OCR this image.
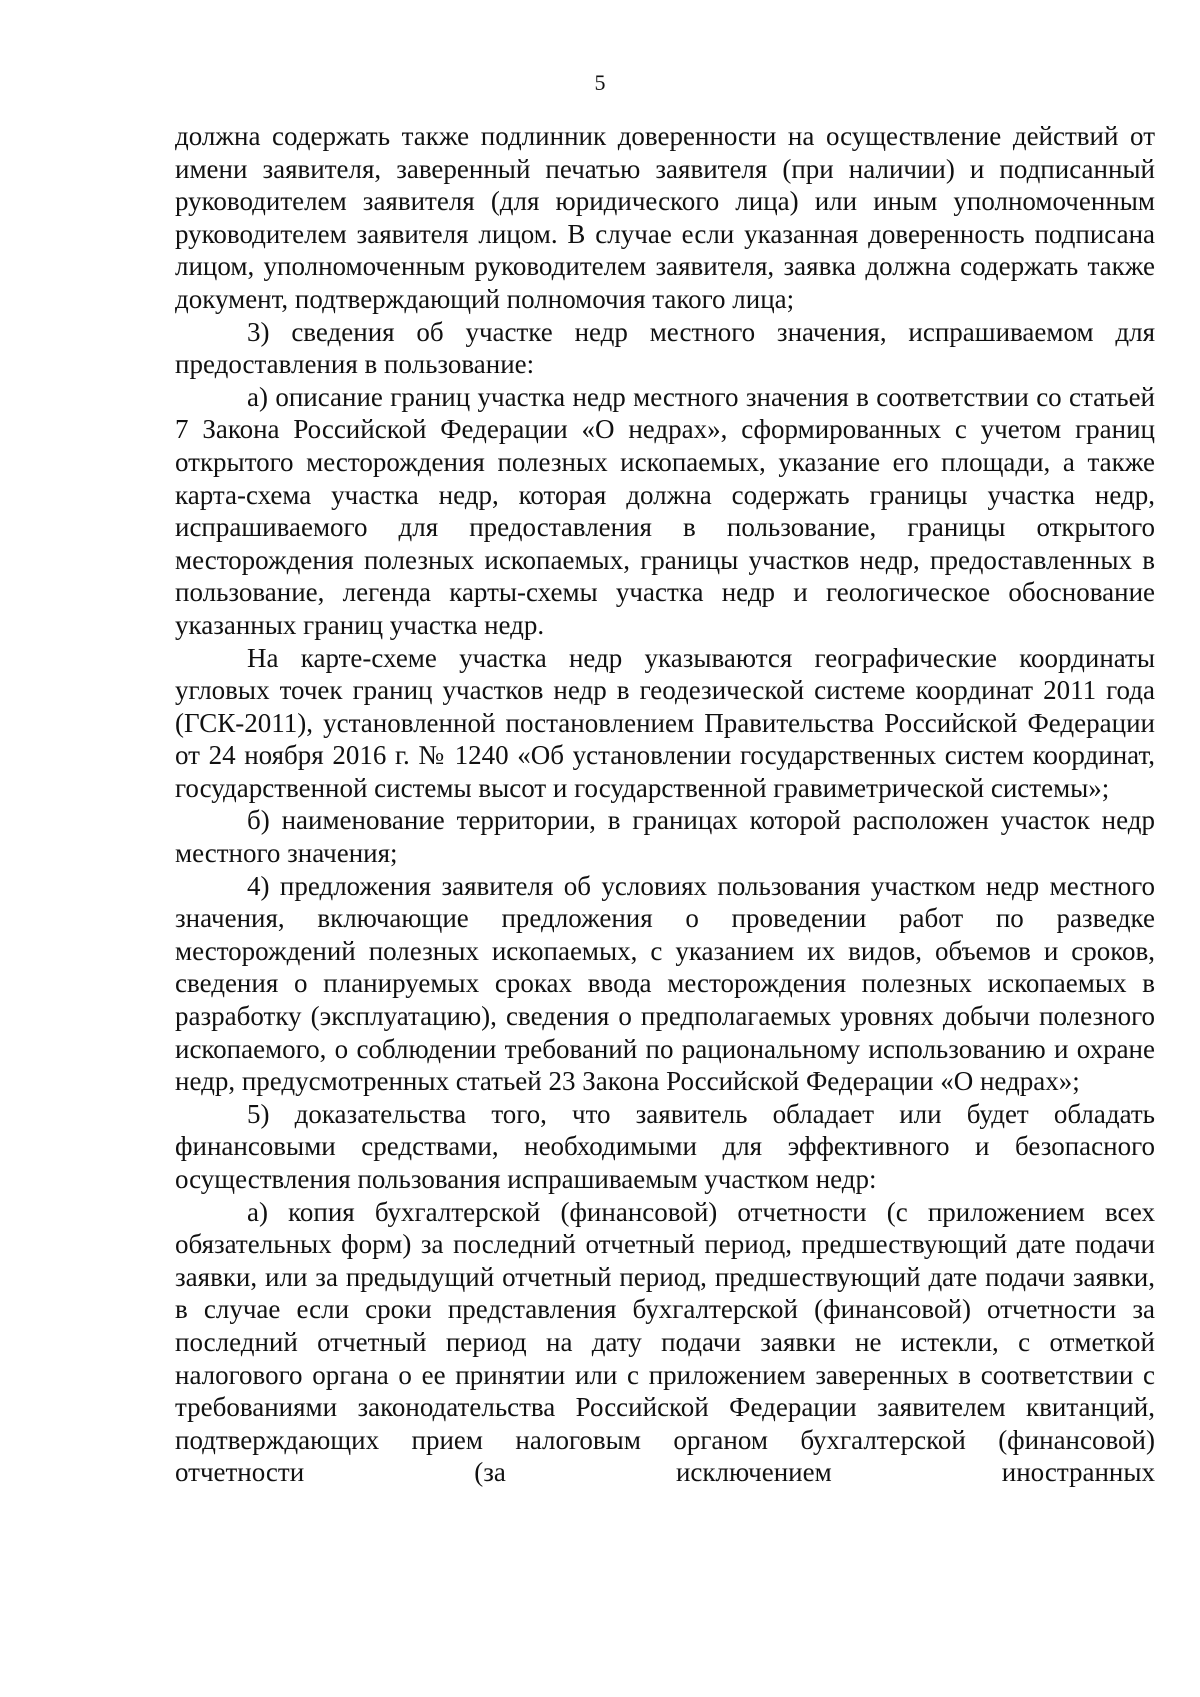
5

должна содержать также подлинник доверенности на осуществление действий от имени заявителя, заверенный печатью заявителя (при наличии) и подписанный руководителем заявителя (для юридического лица) или иным уполномоченным руководителем заявителя лицом. В случае если указанная доверенность подписана лицом, уполномоченным руководителем заявителя, заявка должна содержать также документ, подтверждающий полномочия такого лица;

3) сведения об участке недр местного значения, испрашиваемом для предоставления в пользование:

а) описание границ участка недр местного значения в соответствии со статьей 7 Закона Российской Федерации «О недрах», сформированных с учетом границ открытого месторождения полезных ископаемых, указание его площади, а также карта-схема участка недр, которая должна содержать границы участка недр, испрашиваемого для предоставления в пользование, границы открытого месторождения полезных ископаемых, границы участков недр, предоставленных в пользование, легенда карты-схемы участка недр и геологическое обоснование указанных границ участка недр.

На карте-схеме участка недр указываются географические координаты угловых точек границ участков недр в геодезической системе координат 2011 года (ГСК-2011), установленной постановлением Правительства Российской Федерации от 24 ноября 2016 г. № 1240 «Об установлении государственных систем координат, государственной системы высот и государственной гравиметрической системы»;

б) наименование территории, в границах которой расположен участок недр местного значения;

4) предложения заявителя об условиях пользования участком недр местного значения, включающие предложения о проведении работ по разведке месторождений полезных ископаемых, с указанием их видов, объемов и сроков, сведения о планируемых сроках ввода месторождения полезных ископаемых в разработку (эксплуатацию), сведения о предполагаемых уровнях добычи полезного ископаемого, о соблюдении требований по рациональному использованию и охране недр, предусмотренных статьей 23 Закона Российской Федерации «О недрах»;

5) доказательства того, что заявитель обладает или будет обладать финансовыми средствами, необходимыми для эффективного и безопасного осуществления пользования испрашиваемым участком недр:

а) копия бухгалтерской (финансовой) отчетности (с приложением всех обязательных форм) за последний отчетный период, предшествующий дате подачи заявки, или за предыдущий отчетный период, предшествующий дате подачи заявки, в случае если сроки представления бухгалтерской (финансовой) отчетности за последний отчетный период на дату подачи заявки не истекли, с отметкой налогового органа о ее принятии или с приложением заверенных в соответствии с требованиями законодательства Российской Федерации заявителем квитанций, подтверждающих прием налоговым органом бухгалтерской (финансовой) отчетности (за исключением иностранных
